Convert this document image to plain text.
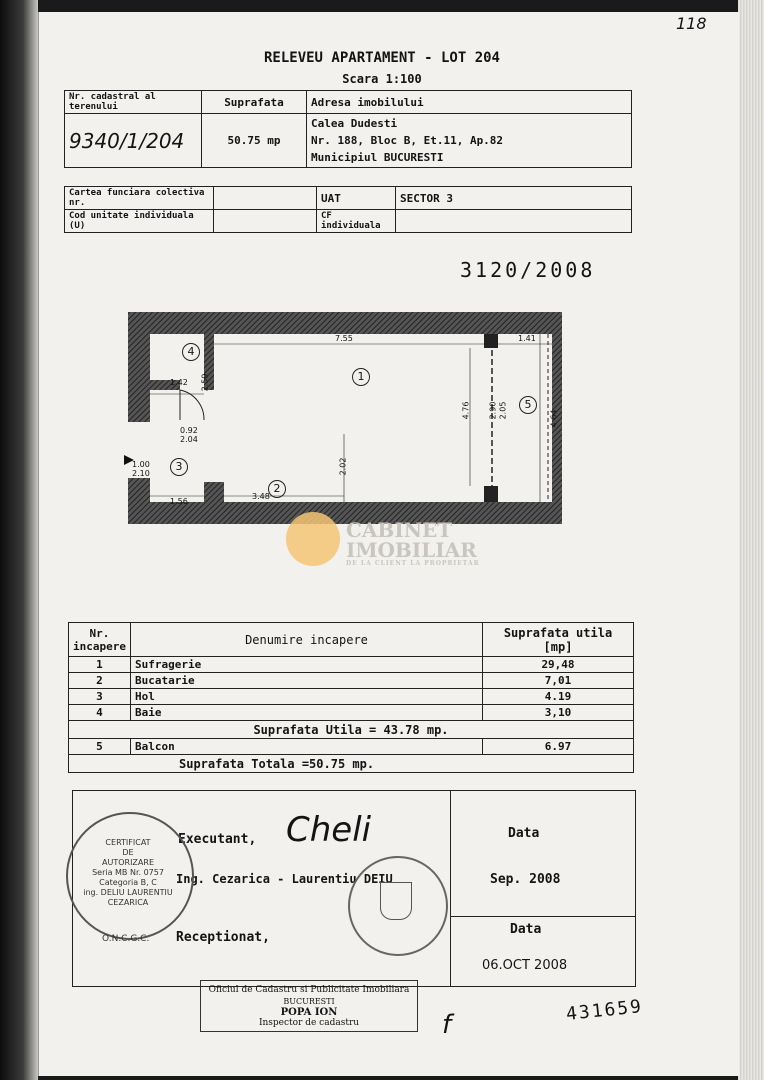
118
RELEVEU APARTAMENT - LOT 204
Scara 1:100
Nr. cadastral al terenului	Suprafata	Adresa imobilului
9340/1/204	50.75 mp	Calea Dudesti
Nr. 188, Bloc B, Et.11, Ap.82
Municipiul BUCURESTI
Cartea funciara colectiva nr.		UAT	SECTOR 3
Cod unitate individuala (U)		CF individuala	
3120/2008
7.55	1.41
1.42 2.59
0.92
2.04
1.00
2.10
4.76 2.90 2.05	4.64
2.02
3.48
1.56
1
2
3
4
5
CABINET
IMOBILIAR
DE LA CLIENT LA PROPRIETAR
Nr. incapere	Denumire incapere	Suprafata utila [mp]
1	Sufragerie	29,48
2	Bucatarie	7,01
3	Hol	4.19
4	Baie	3,10
Suprafata Utila = 43.78 mp.		
5	Balcon	6.97
Suprafata Totala =50.75 mp.		

Executant, Cheli
Ing. Cezarica - Laurentiu DEIU
Data
Sep. 2008
Receptionat,
Data
06.OCT 2008
CERTIFICAT
DE
AUTORIZARE
Seria MB Nr. 0757
Categoria B, C
ing. DELIU LAURENTIU
CEZARICA
O.N.C.G.C.
Oficiul de Cadastru si Publicitate Imobiliara
BUCURESTI
POPA ION
Inspector de cadastru	f	431659
